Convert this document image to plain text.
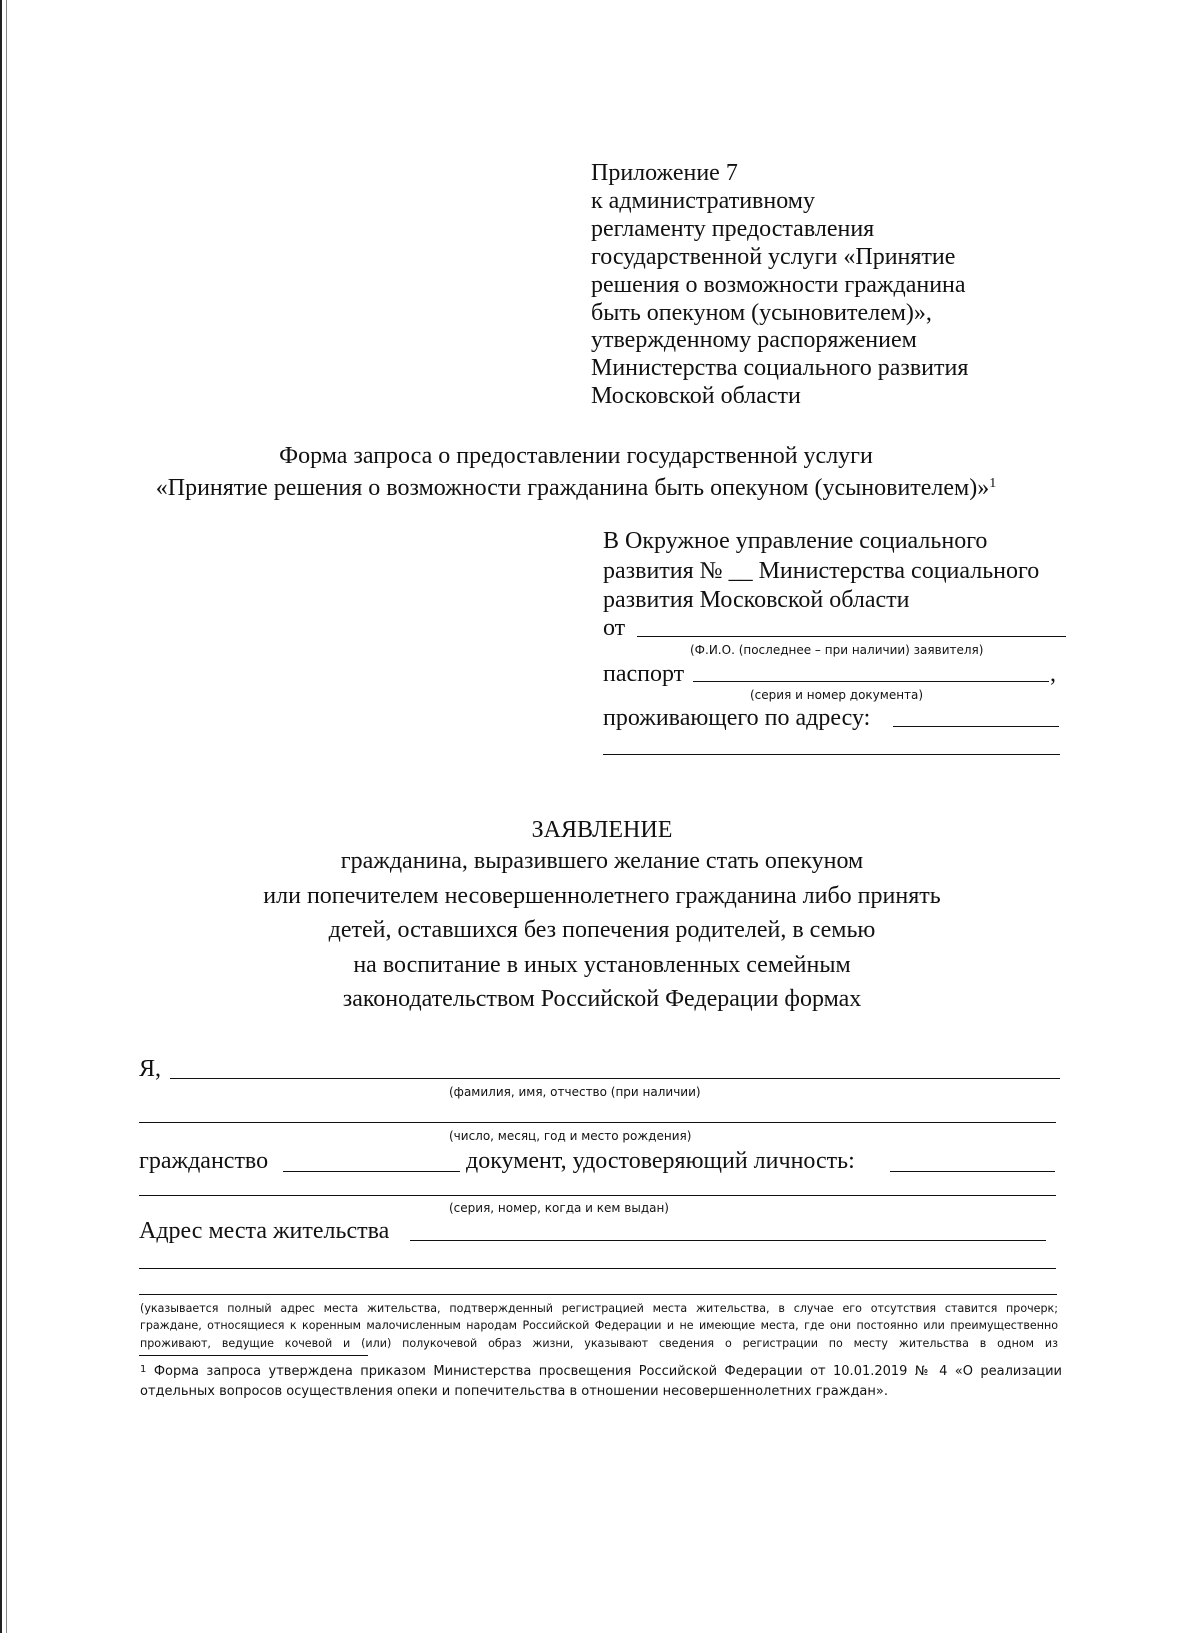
Приложение 7
к административному
регламенту предоставления
государственной услуги «Принятие
решения о возможности гражданина
быть опекуном (усыновителем)»,
утвержденному распоряжением
Министерства социального развития
Московской области
Форма запроса о предоставлении государственной услуги
«Принятие решения о возможности гражданина быть опекуном (усыновителем)»$^1$
В Окружное управление социального
развития № __ Министерства социального
развития Московской области
от
(Ф.И.О. (последнее – при наличии) заявителя)
паспорт	,
(серия и номер документа)
проживающего по адресу:
ЗАЯВЛЕНИЕ
гражданина, выразившего желание стать опекуном
или попечителем несовершеннолетнего гражданина либо принять
детей, оставшихся без попечения родителей, в семью
на воспитание в иных установленных семейным
законодательством Российской Федерации формах
Я,
(фамилия, имя, отчество (при наличии)
(число, месяц, год и место рождения)
гражданство	документ, удостоверяющий личность:
(серия, номер, когда и кем выдан)
Адрес места жительства
(указывается полный адрес места жительства, подтвержденный регистрацией места жительства, в случае его отсутствия ставится прочерк;
граждане, относящиеся к коренным малочисленным народам Российской Федерации и не имеющие места, где они постоянно или преимущественно
проживают, ведущие кочевой и (или) полукочевой образ жизни, указывают сведения о регистрации по месту жительства в одном из
$^1$ Форма запроса утверждена приказом Министерства просвещения Российской Федерации от 10.01.2019 № 4 «О реализации отдельных вопросов осуществления опеки и попечительства в отношении несовершеннолетних граждан».
